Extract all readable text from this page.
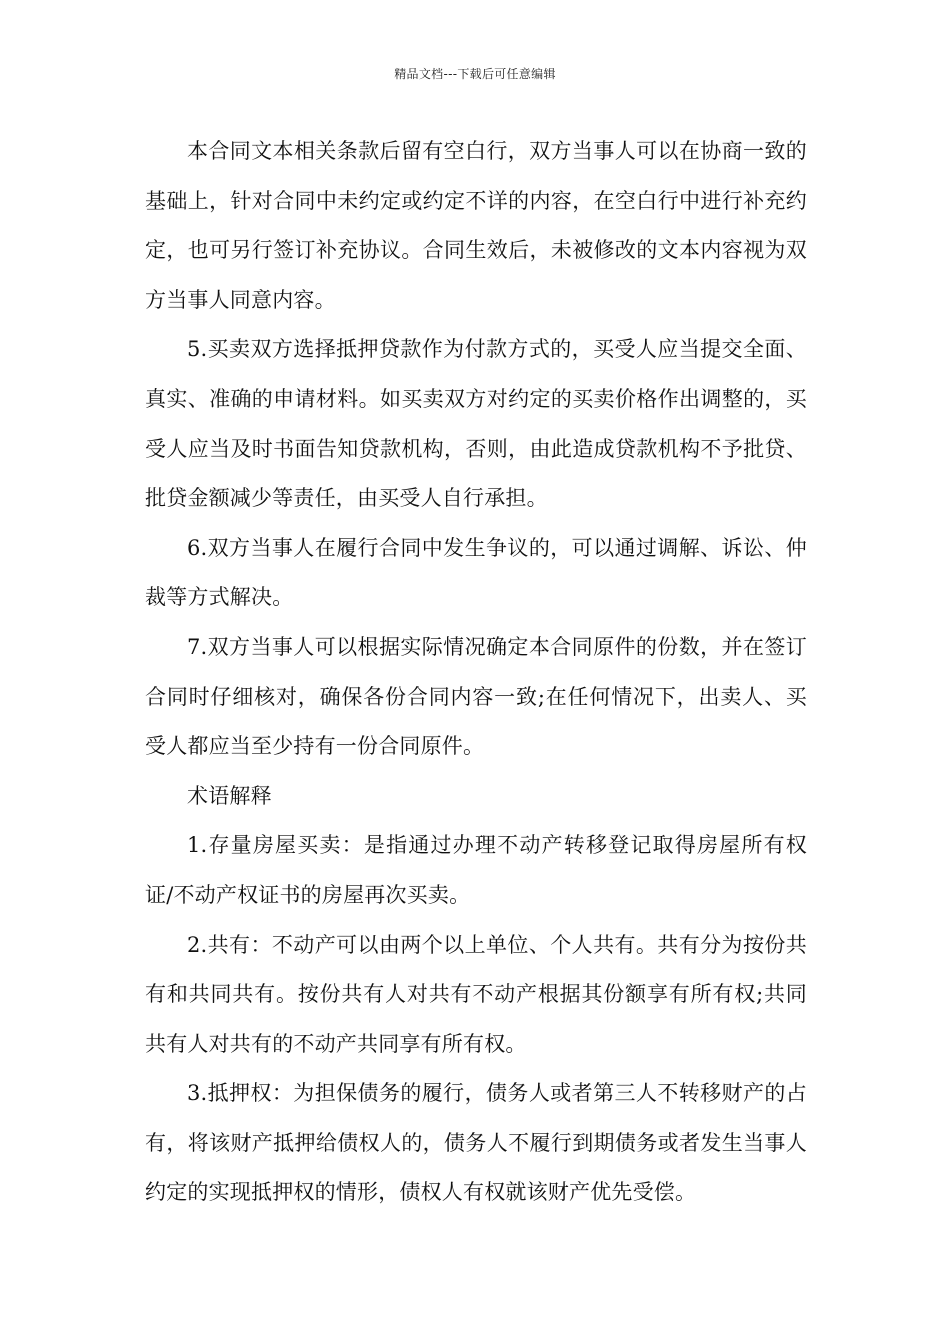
精品文档---下载后可任意编辑

本合同文本相关条款后留有空白行，双方当事人可以在协商一致的基础上，针对合同中未约定或约定不详的内容，在空白行中进行补充约定，也可另行签订补充协议。合同生效后，未被修改的文本内容视为双方当事人同意内容。

5.买卖双方选择抵押贷款作为付款方式的，买受人应当提交全面、真实、准确的申请材料。如买卖双方对约定的买卖价格作出调整的，买受人应当及时书面告知贷款机构，否则，由此造成贷款机构不予批贷、批贷金额减少等责任，由买受人自行承担。

6.双方当事人在履行合同中发生争议的，可以通过调解、诉讼、仲裁等方式解决。

7.双方当事人可以根据实际情况确定本合同原件的份数，并在签订合同时仔细核对，确保各份合同内容一致;在任何情况下，出卖人、买受人都应当至少持有一份合同原件。

术语解释

1.存量房屋买卖：是指通过办理不动产转移登记取得房屋所有权证/不动产权证书的房屋再次买卖。

2.共有：不动产可以由两个以上单位、个人共有。共有分为按份共有和共同共有。按份共有人对共有不动产根据其份额享有所有权;共同共有人对共有的不动产共同享有所有权。

3.抵押权：为担保债务的履行，债务人或者第三人不转移财产的占有，将该财产抵押给债权人的，债务人不履行到期债务或者发生当事人约定的实现抵押权的情形，债权人有权就该财产优先受偿。
